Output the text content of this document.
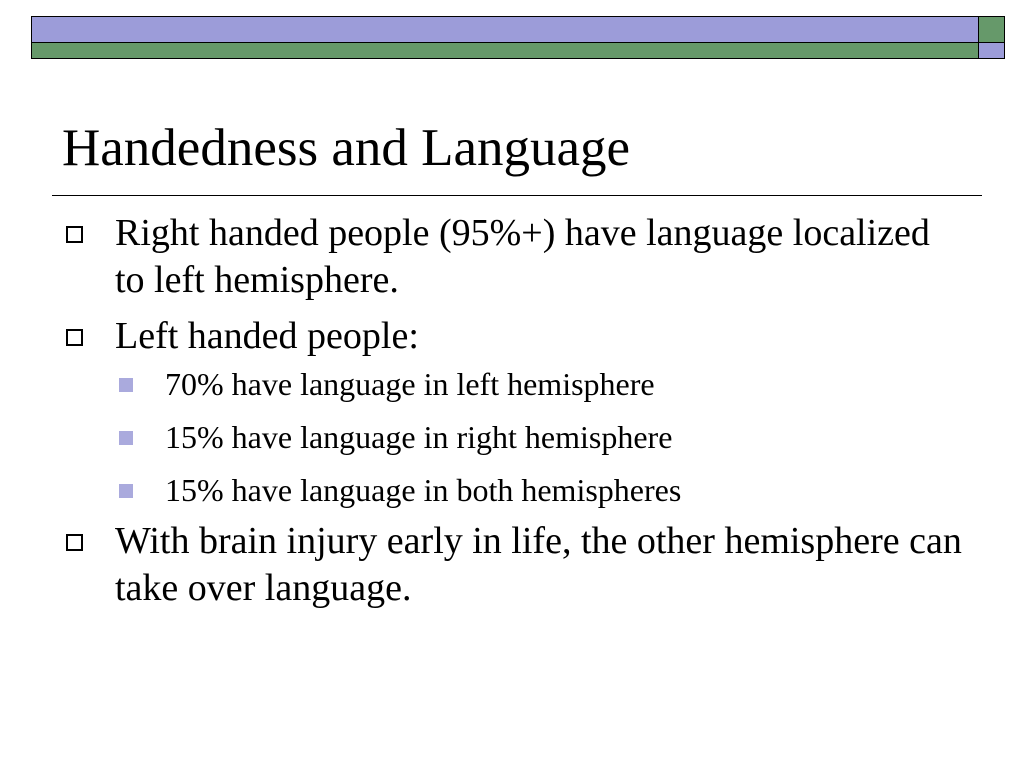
Handedness and Language
Right handed people (95%+) have language localized to left hemisphere.
Left handed people:
70% have language in left hemisphere
15% have language in right hemisphere
15% have language in both hemispheres
With brain injury early in life, the other hemisphere can take over language.
